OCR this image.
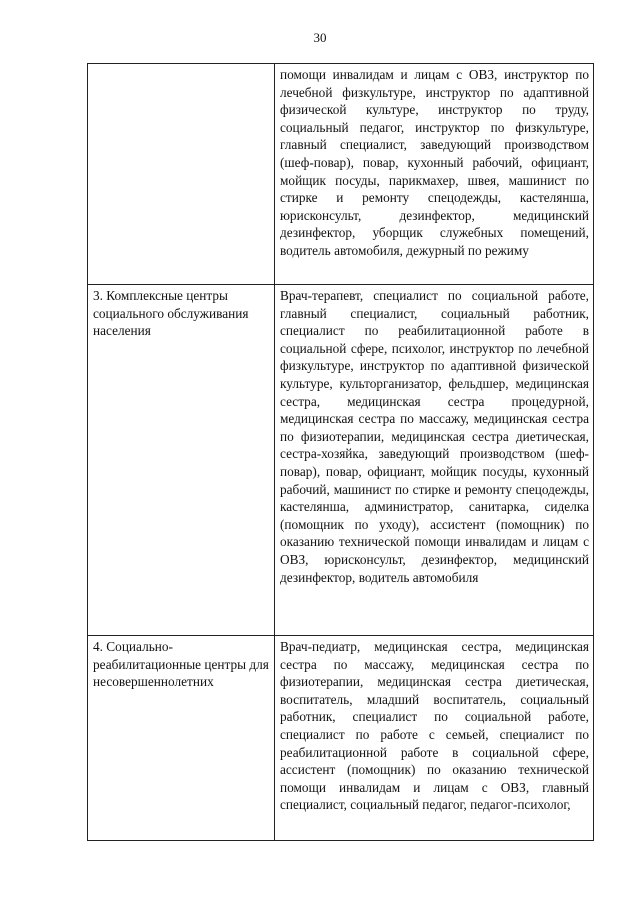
30
	помощи инвалидам и лицам с ОВЗ, инструктор по лечебной физкультуре, инструктор по адаптивной физической культуре, инструктор по труду, социальный педагог, инструктор по физкультуре, главный специалист, заведующий производством (шеф-повар), повар, кухонный рабочий, официант, мойщик посуды, парикмахер, швея, машинист по стирке и ремонту спецодежды, кастелянша, юрисконсульт, дезинфектор, медицинский дезинфектор, уборщик служебных помещений, водитель автомобиля, дежурный по режиму
3. Комплексные центры социального обслуживания населения	Врач-терапевт, специалист по социальной работе, главный специалист, социальный работник, специалист по реабилитационной работе в социальной сфере, психолог, инструктор по лечебной физкультуре, инструктор по адаптивной физической культуре, культорганизатор, фельдшер, медицинская сестра, медицинская сестра процедурной, медицинская сестра по массажу, медицинская сестра по физиотерапии, медицинская сестра диетическая, сестра-хозяйка, заведующий производством (шеф-повар), повар, официант, мойщик посуды, кухонный рабочий, машинист по стирке и ремонту спецодежды, кастелянша, администратор, санитарка, сиделка (помощник по уходу), ассистент (помощник) по оказанию технической помощи инвалидам и лицам с ОВЗ, юрисконсульт, дезинфектор, медицинский дезинфектор, водитель автомобиля
4. Социально-реабилитационные центры для несовершеннолетних	Врач-педиатр, медицинская сестра, медицинская сестра по массажу, медицинская сестра по физиотерапии, медицинская сестра диетическая, воспитатель, младший воспитатель, социальный работник, специалист по социальной работе, специалист по работе с семьей, специалист по реабилитационной работе в социальной сфере, ассистент (помощник) по оказанию технической помощи инвалидам и лицам с ОВЗ, главный специалист, социальный педагог, педагог-психолог,
